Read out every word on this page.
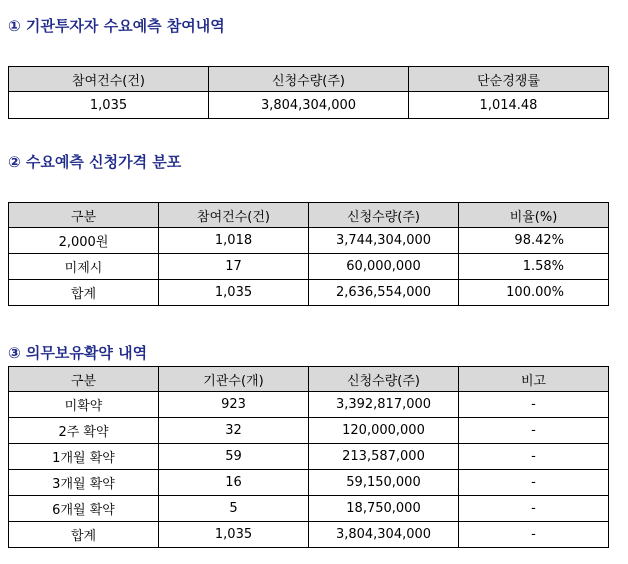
① 기관투자자 수요예측 참여내역
참여건수(건)	신청수량(주)	단순경쟁률
1,035	3,804,304,000	1,014.48
② 수요예측 신청가격 분포
구분	참여건수(건)	신청수량(주)	비율(%)
2,000원	1,018	3,744,304,000	98.42%
미제시	17	60,000,000	1.58%
합계	1,035	2,636,554,000	100.00%
③ 의무보유확약 내역
구분	기관수(개)	신청수량(주)	비고
미확약	923	3,392,817,000	-
2주 확약	32	120,000,000	-
1개월 확약	59	213,587,000	-
3개월 확약	16	59,150,000	-
6개월 확약	5	18,750,000	-
합계	1,035	3,804,304,000	-
